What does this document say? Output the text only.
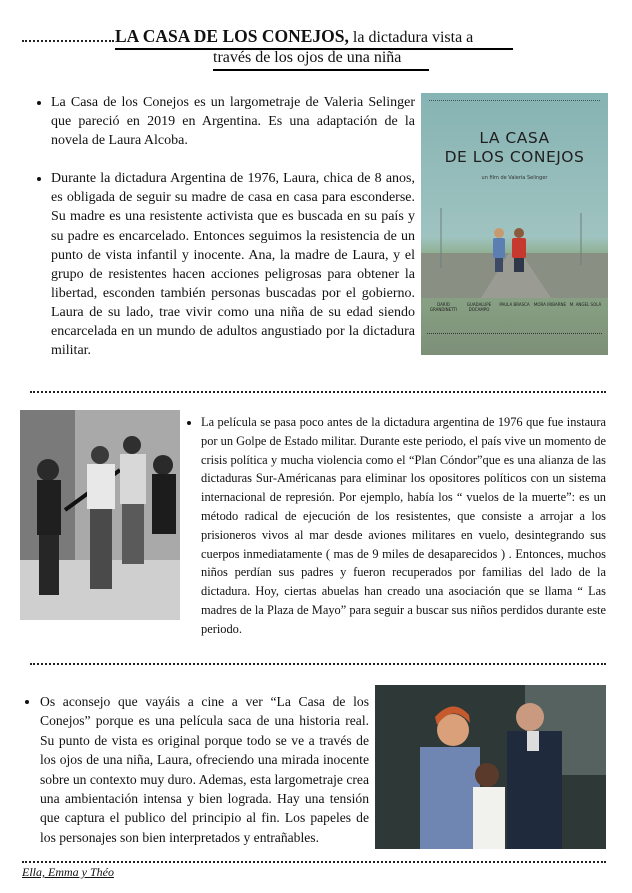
LA CASA DE LOS CONEJOS, la dictadura vista a
través de los ojos de una niña
• La Casa de los Conejos es un largometraje de Valeria Selinger que pareció en 2019 en Argentina. Es una adaptación de la novela de Laura Alcoba.
• Durante la dictadura Argentina de 1976, Laura, chica de 8 anos, es obligada de seguir su madre de casa en casa para esconderse. Su madre es una resistente activista que es buscada en su país y su padre es encarcelado. Entonces seguimos la resistencia de un punto de vista infantil y inocente. Ana, la madre de Laura, y el grupo de resistentes hacen acciones peligrosas para obtener la libertad, esconden también personas buscadas por el gobierno. Laura de su lado, trae vivir como una niña de su edad siendo encarcelada en un mundo de adultos angustiado por la dictadura militar.
LA CASA
DE LOS CONEJOS
un film de Valeria Selinger
DARÍO GRANDINETTI
GUADALUPE DOCAMPO
PAULA BRASCA	MORA IRIBARNE M. ANGEL SOLÁ
• La película se pasa poco antes de la dictadura argentina de 1976 que fue instaura por un Golpe de Estado militar. Durante este periodo, el país vive un momento de crisis política y mucha violencia como el “Plan Cóndor”que es una alianza de las dictaduras Sur-Américanas para eliminar los opositores políticos con un sistema internacional de represión. Por ejemplo, había los “ vuelos de la muerte”: es un método radical de ejecución de los resistentes, que consiste a arrojar a los prisioneros vivos al mar desde aviones militares en vuelo, desintegrando sus cuerpos inmediatamente ( mas de 9 miles de desaparecidos ) . Entonces, muchos niños perdían sus padres y fueron recuperados por familias del lado de la dictadura. Hoy, ciertas abuelas han creado una asociación que se llama “ Las madres de la Plaza de Mayo” para seguir a buscar sus niños perdidos durante este periodo.
• Os aconsejo que vayáis a cine a ver “La Casa de los Conejos” porque es una película saca de una historia real. Su punto de vista es original porque todo se ve a través de los ojos de una niña, Laura, ofreciendo una mirada inocente sobre un contexto muy duro. Ademas, esta largometraje crea una ambientación intensa y bien lograda. Hay una tensión que captura el publico del principio al fin. Los papeles de los personajes son bien interpretados y entrañables.
Ella, Emma y Théo
